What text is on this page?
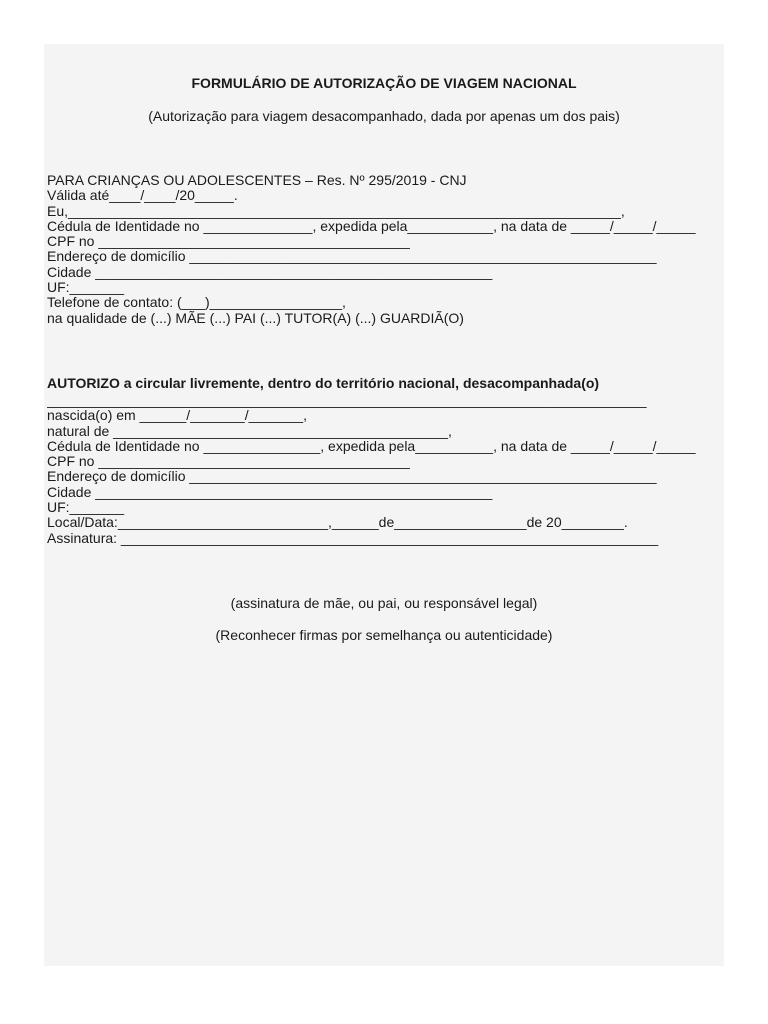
FORMULÁRIO DE AUTORIZAÇÃO DE VIAGEM NACIONAL

(Autorização para viagem desacompanhado, dada por apenas um dos pais)

PARA CRIANÇAS OU ADOLESCENTES – Res. Nº 295/2019 - CNJ
Válida até____/____/20_____.
Eu,_______________________________________________________________________,
Cédula de Identidade no ______________, expedida pela___________, na data de _____/_____/_____
CPF no ________________________________________
Endereço de domicílio ____________________________________________________________
Cidade ___________________________________________________
UF:_______
Telefone de contato: (___)_________________,
na qualidade de (...) MÃE (...) PAI (...) TUTOR(A) (...) GUARDIÃ(O)

AUTORIZO a circular livremente, dentro do território nacional, desacompanhada(o)

_____________________________________________________________________________
nascida(o) em ______/_______/_______,
natural de ___________________________________________,
Cédula de Identidade no _______________, expedida pela__________, na data de _____/_____/_____
CPF no ________________________________________
Endereço de domicílio ____________________________________________________________
Cidade ___________________________________________________
UF:_______
Local/Data:___________________________,______de_________________de 20________.
Assinatura: _____________________________________________________________________
(assinatura de mãe, ou pai, ou responsável legal)
(Reconhecer firmas por semelhança ou autenticidade)
